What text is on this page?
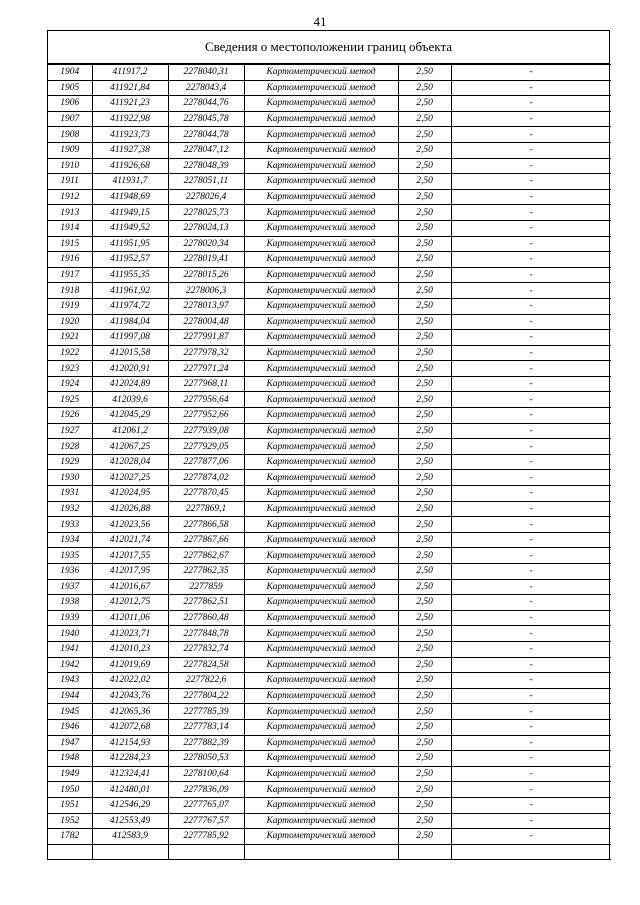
41
Сведения о местоположении границ объекта
1904	411917,2	2278040,31	Картометрический метод	2,50	-
1905	411921,84	2278043,4	Картометрический метод	2,50	-
1906	411921,23	2278044,76	Картометрический метод	2,50	-
1907	411922,98	2278045,78	Картометрический метод	2,50	-
1908	411923,73	2278044,78	Картометрический метод	2,50	-
1909	411927,38	2278047,12	Картометрический метод	2,50	-
1910	411926,68	2278048,39	Картометрический метод	2,50	-
1911	411931,7	2278051,11	Картометрический метод	2,50	-
1912	411948,69	2278026,4	Картометрический метод	2,50	-
1913	411949,15	2278025,73	Картометрический метод	2,50	-
1914	411949,52	2278024,13	Картометрический метод	2,50	-
1915	411951,95	2278020,34	Картометрический метод	2,50	-
1916	411952,57	2278019,41	Картометрический метод	2,50	-
1917	411955,35	2278015,26	Картометрический метод	2,50	-
1918	411961,92	2278006,3	Картометрический метод	2,50	-
1919	411974,72	2278013,97	Картометрический метод	2,50	-
1920	411984,04	2278004,48	Картометрический метод	2,50	-
1921	411997,08	2277991,87	Картометрический метод	2,50	-
1922	412015,58	2277978,32	Картометрический метод	2,50	-
1923	412020,91	2277971,24	Картометрический метод	2,50	-
1924	412024,89	2277968,11	Картометрический метод	2,50	-
1925	412039,6	2277956,64	Картометрический метод	2,50	-
1926	412045,29	2277952,66	Картометрический метод	2,50	-
1927	412061,2	2277939,08	Картометрический метод	2,50	-
1928	412067,25	2277929,05	Картометрический метод	2,50	-
1929	412028,04	2277877,06	Картометрический метод	2,50	-
1930	412027,25	2277874,02	Картометрический метод	2,50	-
1931	412024,95	2277870,45	Картометрический метод	2,50	-
1932	412026,88	2277869,1	Картометрический метод	2,50	-
1933	412023,56	2277866,58	Картометрический метод	2,50	-
1934	412021,74	2277867,66	Картометрический метод	2,50	-
1935	412017,55	2277862,67	Картометрический метод	2,50	-
1936	412017,95	2277862,35	Картометрический метод	2,50	-
1937	412016,67	2277859	Картометрический метод	2,50	-
1938	412012,75	2277862,51	Картометрический метод	2,50	-
1939	412011,06	2277860,48	Картометрический метод	2,50	-
1940	412023,71	2277848,78	Картометрический метод	2,50	-
1941	412010,23	2277832,74	Картометрический метод	2,50	-
1942	412019,69	2277824,58	Картометрический метод	2,50	-
1943	412022,02	2277822,6	Картометрический метод	2,50	-
1944	412043,76	2277804,22	Картометрический метод	2,50	-
1945	412065,36	2277785,39	Картометрический метод	2,50	-
1946	412072,68	2277783,14	Картометрический метод	2,50	-
1947	412154,93	2277882,39	Картометрический метод	2,50	-
1948	412284,23	2278050,53	Картометрический метод	2,50	-
1949	412324,41	2278100,64	Картометрический метод	2,50	-
1950	412480,01	2277836,09	Картометрический метод	2,50	-
1951	412546,29	2277765,07	Картометрический метод	2,50	-
1952	412553,49	2277767,57	Картометрический метод	2,50	-
1782	412583,9	2277785,92	Картометрический метод	2,50	-
